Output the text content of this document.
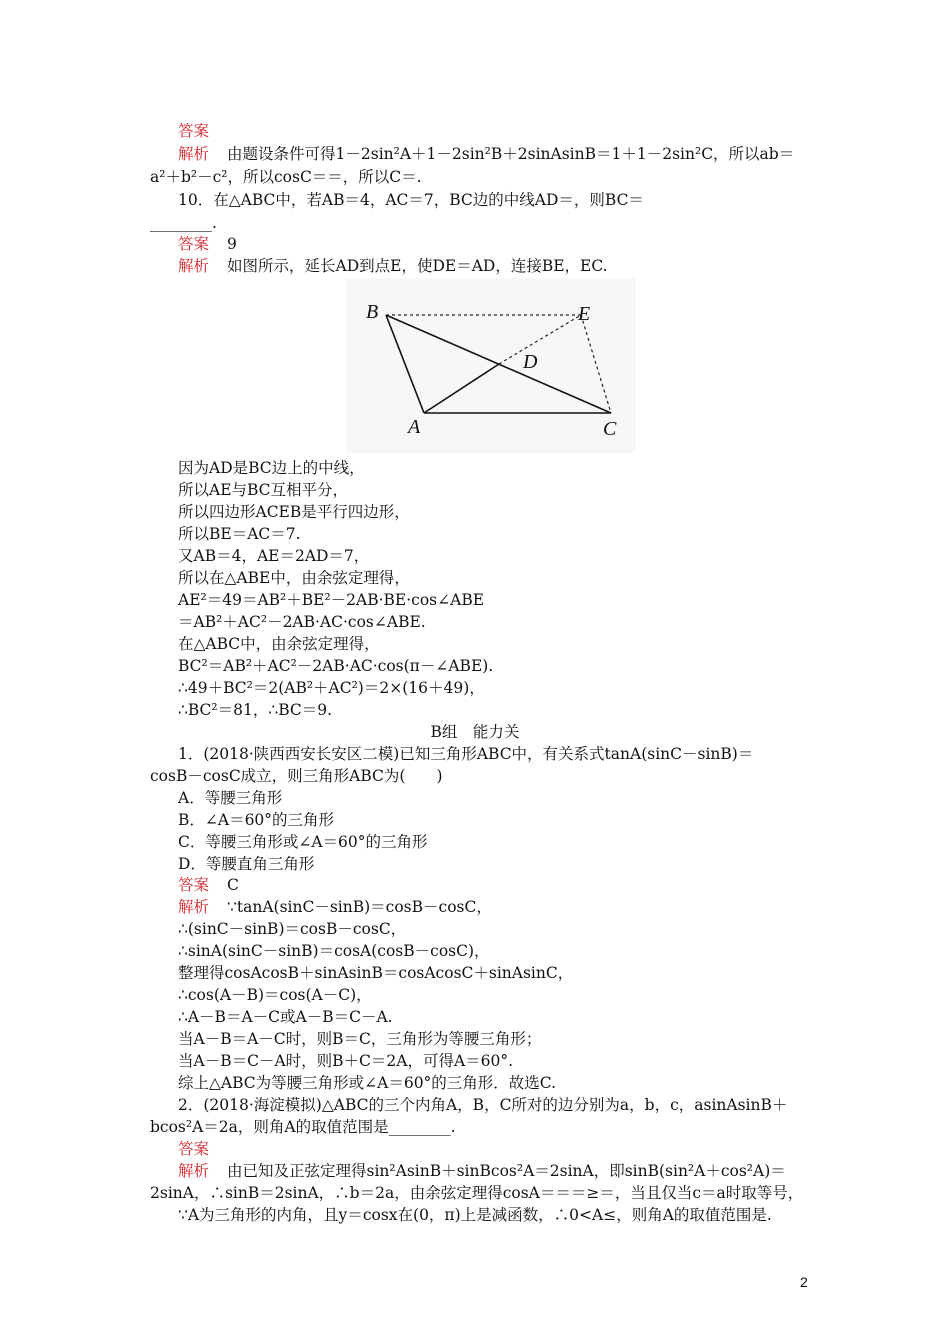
答案
解析 由题设条件可得1－2sin²A＋1－2sin²B＋2sinAsinB＝1＋1－2sin²C，所以ab＝
a²＋b²－c²，所以cosC＝＝，所以C＝.
10．在△ABC中，若AB＝4，AC＝7，BC边的中线AD＝，则BC＝
________.
答案 9
解析 如图所示，延长AD到点E，使DE＝AD，连接BE，EC.
B	E
D
A	C
因为AD是BC边上的中线，
所以AE与BC互相平分，
所以四边形ACEB是平行四边形，
所以BE＝AC＝7.
又AB＝4，AE＝2AD＝7，
所以在△ABE中，由余弦定理得，
AE²＝49＝AB²＋BE²－2AB·BE·cos∠ABE
＝AB²＋AC²－2AB·AC·cos∠ABE.
在△ABC中，由余弦定理得，
BC²＝AB²＋AC²－2AB·AC·cos(π－∠ABE).
∴49＋BC²＝2(AB²＋AC²)＝2×(16＋49)，
∴BC²＝81，∴BC＝9.
B组　能力关
1．(2018·陕西西安长安区二模)已知三角形ABC中，有关系式tanA(sinC－sinB)＝
cosB－cosC成立，则三角形ABC为(　　)
A．等腰三角形
B．∠A＝60°的三角形
C．等腰三角形或∠A＝60°的三角形
D．等腰直角三角形
答案 C
解析 ∵tanA(sinC－sinB)＝cosB－cosC，
∴(sinC－sinB)＝cosB－cosC，
∴sinA(sinC－sinB)＝cosA(cosB－cosC)，
整理得cosAcosB＋sinAsinB＝cosAcosC＋sinAsinC，
∴cos(A－B)＝cos(A－C)，
∴A－B＝A－C或A－B＝C－A.
当A－B＝A－C时，则B＝C，三角形为等腰三角形；
当A－B＝C－A时，则B＋C＝2A，可得A＝60°.
综上△ABC为等腰三角形或∠A＝60°的三角形．故选C.
2．(2018·海淀模拟)△ABC的三个内角A，B，C所对的边分别为a，b，c，asinAsinB＋
bcos²A＝2a，则角A的取值范围是________.
答案
解析 由已知及正弦定理得sin²AsinB＋sinBcos²A＝2sinA，即sinB(sin²A＋cos²A)＝
2sinA，∴sinB＝2sinA，∴b＝2a，由余弦定理得cosA＝＝＝≥＝，当且仅当c＝a时取等号，
∵A为三角形的内角，且y＝cosx在(0，π)上是减函数，∴0<A≤，则角A的取值范围是.
2
